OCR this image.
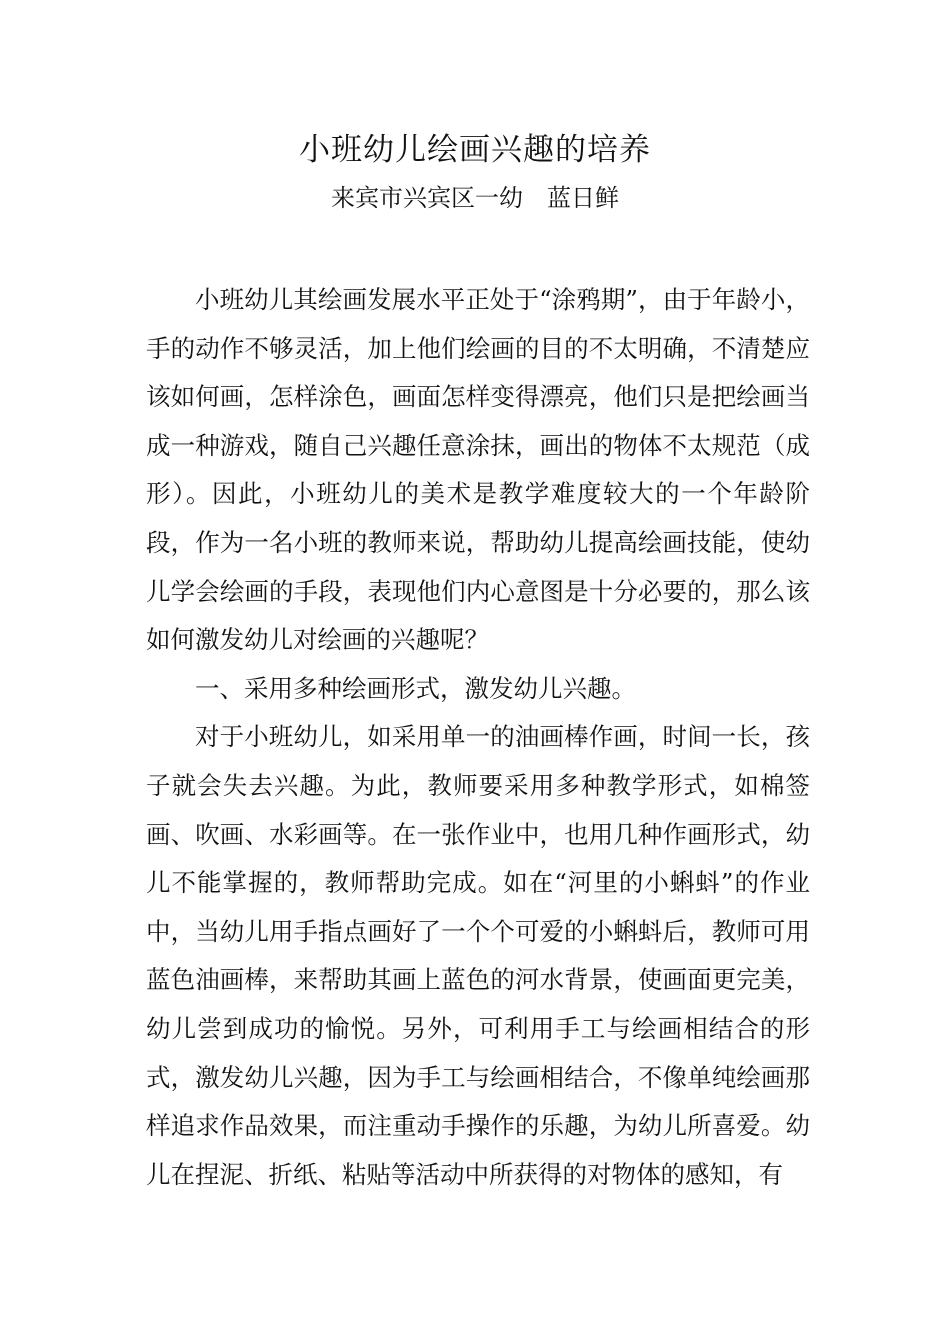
小班幼儿绘画兴趣的培养
来宾市兴宾区一幼　蓝日鲜

小班幼儿其绘画发展水平正处于“涂鸦期”，由于年龄小，手的动作不够灵活，加上他们绘画的目的不太明确，不清楚应该如何画，怎样涂色，画面怎样变得漂亮，他们只是把绘画当成一种游戏，随自己兴趣任意涂抹，画出的物体不太规范（成形）。因此，小班幼儿的美术是教学难度较大的一个年龄阶段，作为一名小班的教师来说，帮助幼儿提高绘画技能，使幼儿学会绘画的手段，表现他们内心意图是十分必要的，那么该如何激发幼儿对绘画的兴趣呢？

一、采用多种绘画形式，激发幼儿兴趣。

对于小班幼儿，如采用单一的油画棒作画，时间一长，孩子就会失去兴趣。为此，教师要采用多种教学形式，如棉签画、吹画、水彩画等。在一张作业中，也用几种作画形式，幼儿不能掌握的，教师帮助完成。如在“河里的小蝌蚪”的作业中，当幼儿用手指点画好了一个个可爱的小蝌蚪后，教师可用蓝色油画棒，来帮助其画上蓝色的河水背景，使画面更完美，幼儿尝到成功的愉悦。另外，可利用手工与绘画相结合的形式，激发幼儿兴趣，因为手工与绘画相结合，不像单纯绘画那样追求作品效果，而注重动手操作的乐趣，为幼儿所喜爱。幼儿在捏泥、折纸、粘贴等活动中所获得的对物体的感知，有
